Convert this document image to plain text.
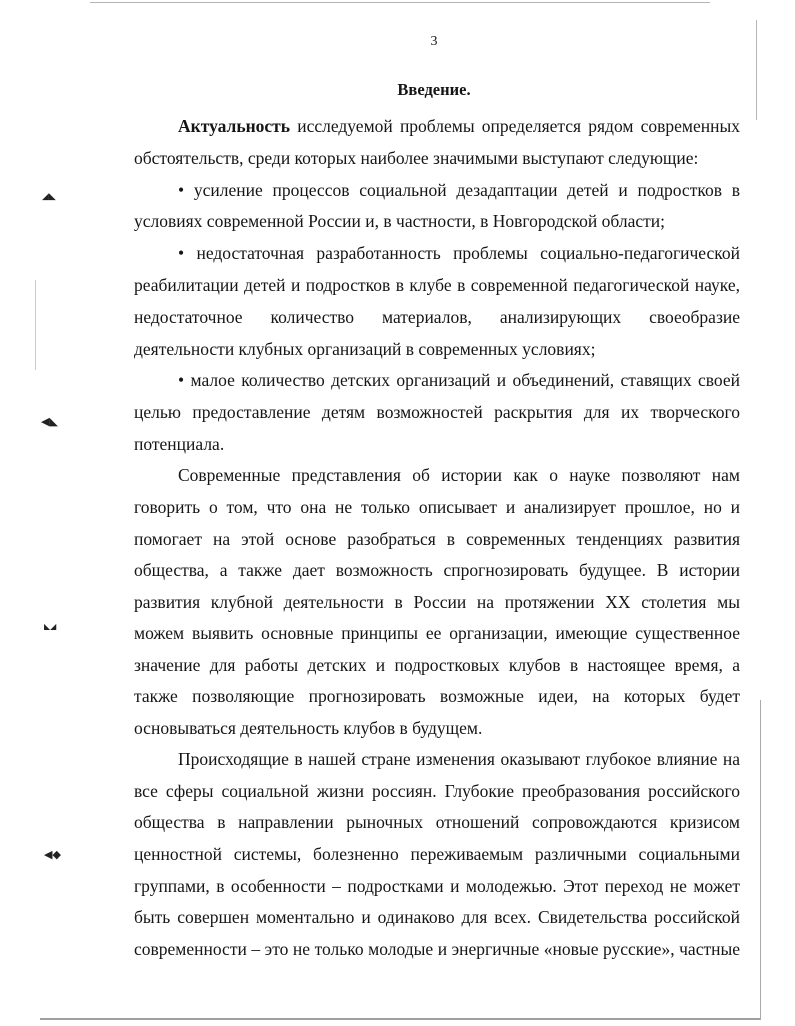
◢◣
◀◣
◣◢
◀◆
3
Введение.
Актуальность исследуемой проблемы определяется рядом современных
обстоятельств, среди которых наиболее значимыми выступают следующие:
• усиление процессов социальной дезадаптации детей и подростков в
условиях современной России и, в частности, в Новгородской области;
• недостаточная разработанность проблемы социально-педагогической
реабилитации детей и подростков в клубе в современной педагогической науке,
недостаточное количество материалов, анализирующих своеобразие
деятельности клубных организаций в современных условиях;
• малое количество детских организаций и объединений, ставящих своей
целью предоставление детям возможностей раскрытия для их творческого
потенциала.
Современные представления об истории как о науке позволяют нам
говорить о том, что она не только описывает и анализирует прошлое, но и
помогает на этой основе разобраться в современных тенденциях развития
общества, а также дает возможность спрогнозировать будущее. В истории
развития клубной деятельности в России на протяжении XX столетия мы
можем выявить основные принципы ее организации, имеющие существенное
значение для работы детских и подростковых клубов в настоящее время, а
также позволяющие прогнозировать возможные идеи, на которых будет
основываться деятельность клубов в будущем.
Происходящие в нашей стране изменения оказывают глубокое влияние на
все сферы социальной жизни россиян. Глубокие преобразования российского
общества в направлении рыночных отношений сопровождаются кризисом
ценностной системы, болезненно переживаемым различными социальными
группами, в особенности – подростками и молодежью. Этот переход не может
быть совершен моментально и одинаково для всех. Свидетельства российской
современности – это не только молодые и энергичные «новые русские», частные
